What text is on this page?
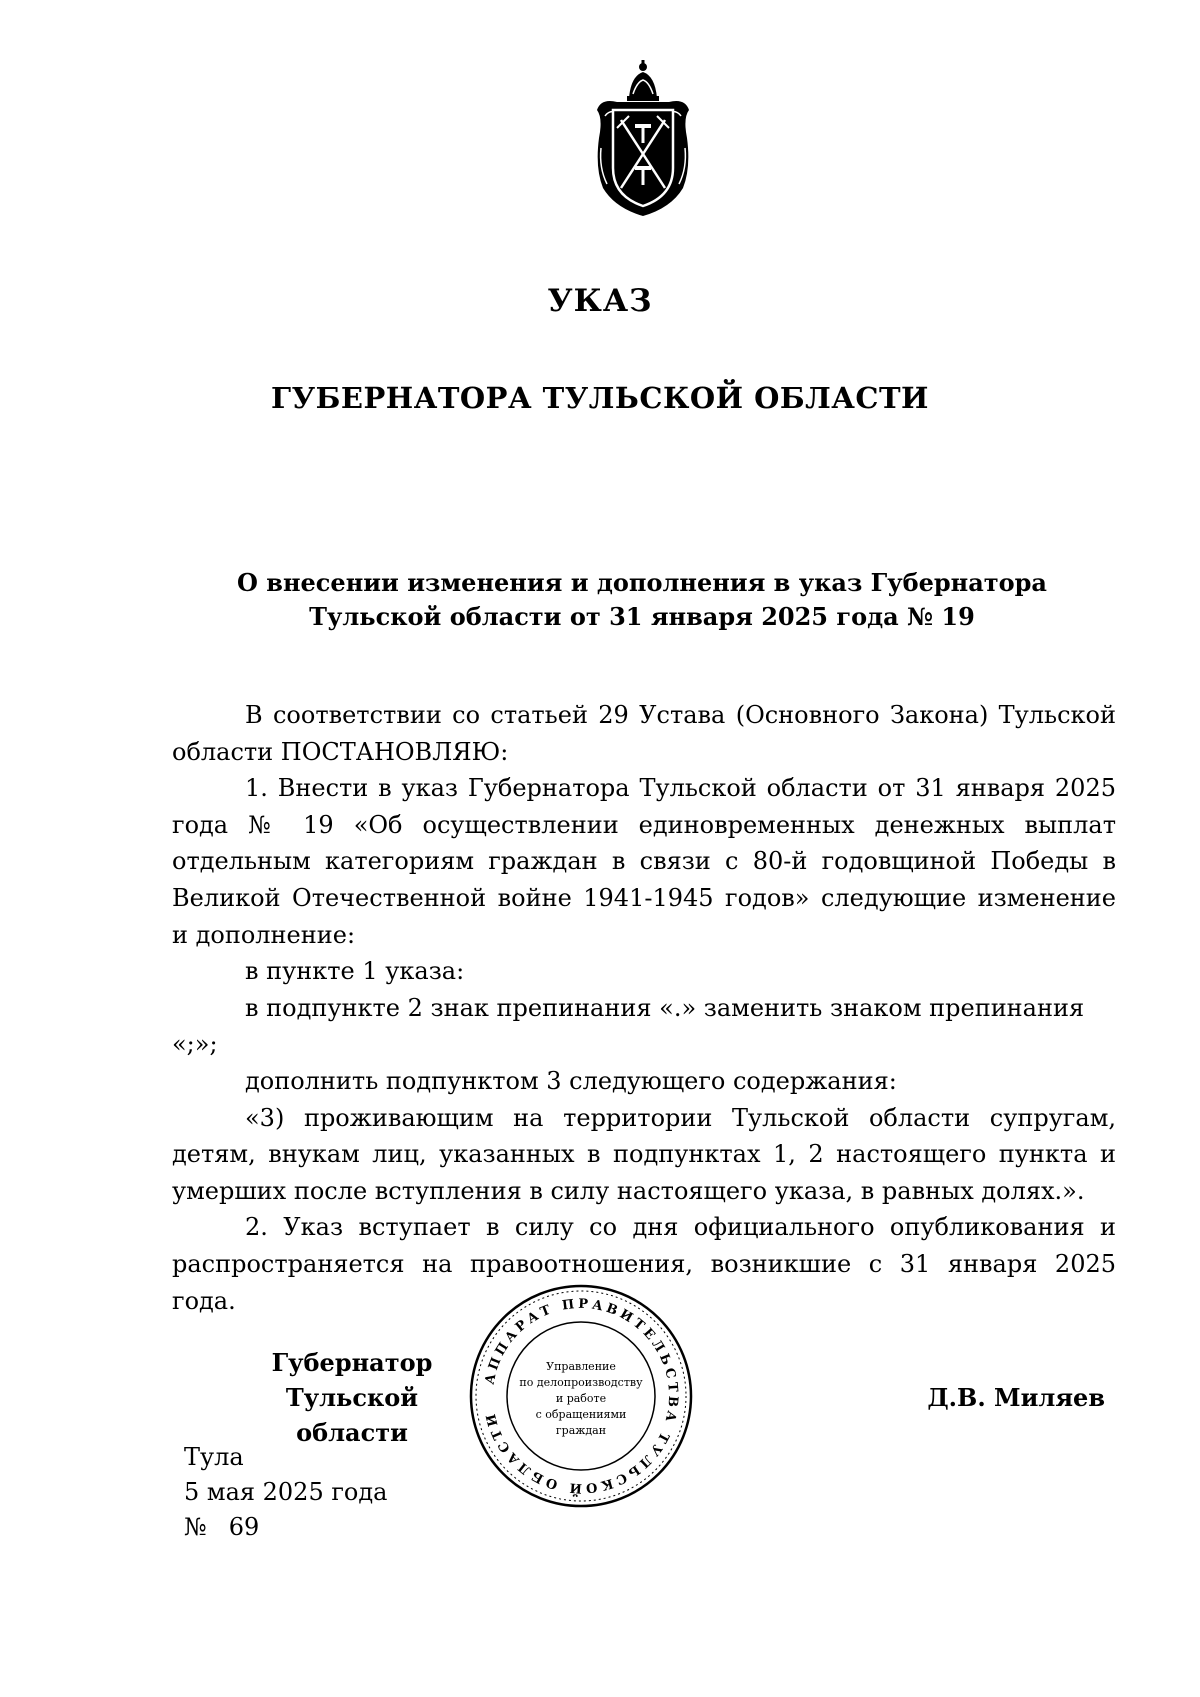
УКАЗ
ГУБЕРНАТОРА ТУЛЬСКОЙ ОБЛАСТИ
О внесении изменения и дополнения в указ Губернатора
Тульской области от 31 января 2025 года № 19

В соответствии со статьей 29 Устава (Основного Закона) Тульской области ПОСТАНОВЛЯЮ:

1. Внести в указ Губернатора Тульской области от 31 января 2025 года № 19 «Об осуществлении единовременных денежных выплат отдельным категориям граждан в связи с 80-й годовщиной Победы в Великой Отечественной войне 1941-1945 годов» следующие изменение и дополнение:

в пункте 1 указа:

в подпункте 2 знак препинания «.» заменить знаком препинания «;»;

дополнить подпунктом 3 следующего содержания:

«3) проживающим на территории Тульской области супругам, детям, внукам лиц, указанных в подпунктах 1, 2 настоящего пункта и умерших после вступления в силу настоящего указа, в равных долях.».

2. Указ вступает в силу со дня официального опубликования и распространяется на правоотношения, возникшие с 31 января 2025 года.

Губернатор
Тульской области
Д.В. Миляев
Тула
5 мая 2025 года
№ 69
АППАРАТ ПРАВИТЕЛЬСТВА ТУЛЬСКОЙ ОБЛАСТИ
Управление
по делопроизводству
и работе
с обращениями
граждан
